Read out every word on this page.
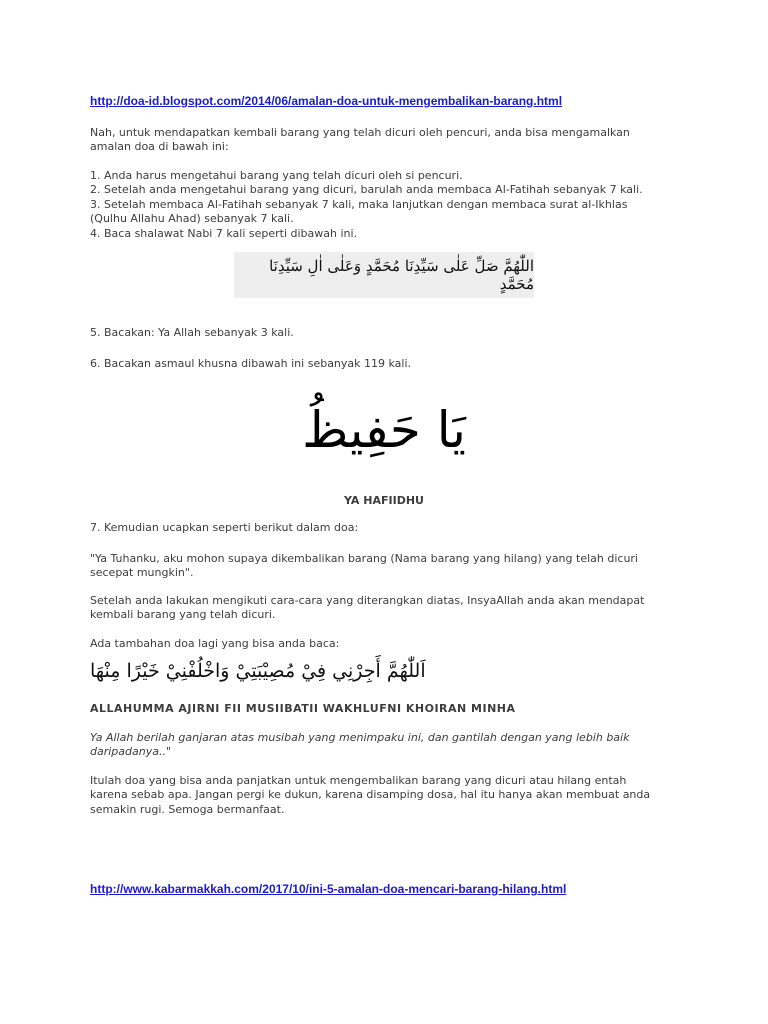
http://doa-id.blogspot.com/2014/06/amalan-doa-untuk-mengembalikan-barang.html
Nah, untuk mendapatkan kembali barang yang telah dicuri oleh pencuri, anda bisa mengamalkan
amalan doa di bawah ini:
1. Anda harus mengetahui barang yang telah dicuri oleh si pencuri.
2. Setelah anda mengetahui barang yang dicuri, barulah anda membaca Al-Fatihah sebanyak 7 kali.
3. Setelah membaca Al-Fatihah sebanyak 7 kali, maka lanjutkan dengan membaca surat al-Ikhlas
(Qulhu Allahu Ahad) sebanyak 7 kali.
4. Baca shalawat Nabi 7 kali seperti dibawah ini.
اللّٰهُمَّ صَلِّ عَلٰى سَيِّدِنَا مُحَمَّدٍ وَعَلٰى اٰلِ سَيِّدِنَا مُحَمَّدٍ
5. Bacakan: Ya Allah sebanyak 3 kali.
6. Bacakan asmaul khusna dibawah ini sebanyak 119 kali.
يَا حَفِيظُ
YA HAFIIDHU
7. Kemudian ucapkan seperti berikut dalam doa:
"Ya Tuhanku, aku mohon supaya dikembalikan barang (Nama barang yang hilang) yang telah dicuri
secepat mungkin".
Setelah anda lakukan mengikuti cara-cara yang diterangkan diatas, InsyaAllah anda akan mendapat
kembali barang yang telah dicuri.
Ada tambahan doa lagi yang bisa anda baca:
اَللّٰهُمَّ أَجِرْنِي فِيْ مُصِيْبَتِيْ وَاخْلُفْنِيْ خَيْرًا مِنْهَا
ALLAHUMMA AJIRNI FII MUSIIBATII WAKHLUFNI KHOIRAN MINHA
Ya Allah berilah ganjaran atas musibah yang menimpaku ini, dan gantilah dengan yang lebih baik
daripadanya.."
Itulah doa yang bisa anda panjatkan untuk mengembalikan barang yang dicuri atau hilang entah
karena sebab apa. Jangan pergi ke dukun, karena disamping dosa, hal itu hanya akan membuat anda
semakin rugi. Semoga bermanfaat.
http://www.kabarmakkah.com/2017/10/ini-5-amalan-doa-mencari-barang-hilang.html
